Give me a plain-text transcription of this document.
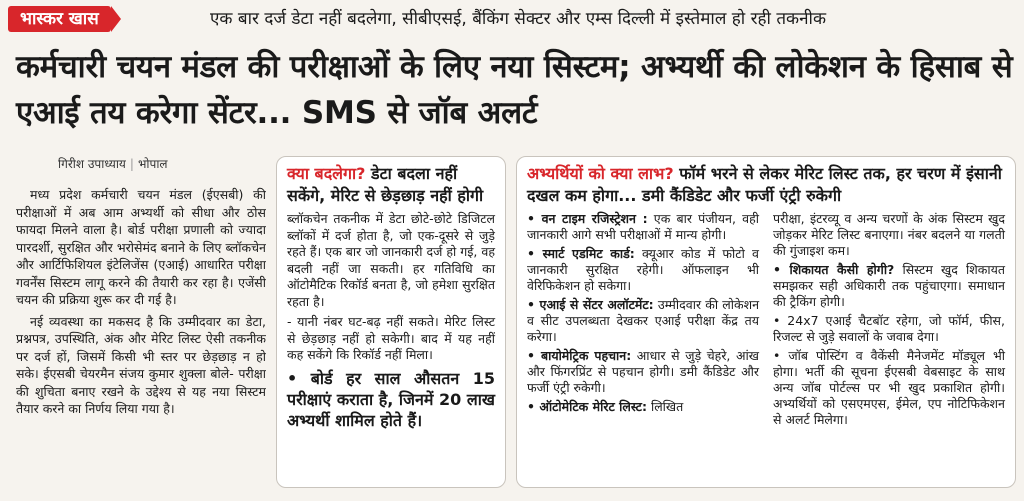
भास्कर खास	एक बार दर्ज डेटा नहीं बदलेगा, सीबीएसई, बैंकिंग सेक्टर और एम्स दिल्ली में इस्तेमाल हो रही तकनीक
कर्मचारी चयन मंडल की परीक्षाओं के लिए नया सिस्टम; अभ्यर्थी की लोकेशन के हिसाब से एआई तय करेगा सेंटर... SMS से जॉब अलर्ट
गिरीश उपाध्याय | भोपाल

मध्य प्रदेश कर्मचारी चयन मंडल (ईएसबी) की परीक्षाओं में अब आम अभ्यर्थी को सीधा और ठोस फायदा मिलने वाला है। बोर्ड परीक्षा प्रणाली को ज्यादा पारदर्शी, सुरक्षित और भरोसेमंद बनाने के लिए ब्लॉकचेन और आर्टिफिशियल इंटेलिजेंस (एआई) आधारित परीक्षा गवर्नेंस सिस्टम लागू करने की तैयारी कर रहा है। एजेंसी चयन की प्रक्रिया शुरू कर दी गई है।

नई व्यवस्था का मकसद है कि उम्मीदवार का डेटा, प्रश्नपत्र, उपस्थिति, अंक और मेरिट लिस्ट ऐसी तकनीक पर दर्ज हों, जिसमें किसी भी स्तर पर छेड़छाड़ न हो सके। ईएसबी चेयरमैन संजय कुमार शुक्ला बोले- परीक्षा की शुचिता बनाए रखने के उद्देश्य से यह नया सिस्टम तैयार करने का निर्णय लिया गया है।

क्या बदलेगा? डेटा बदला नहीं सकेंगे, मेरिट से छेड़छाड़ नहीं होगी

ब्लॉकचेन तकनीक में डेटा छोटे-छोटे डिजिटल ब्लॉकों में दर्ज होता है, जो एक-दूसरे से जुड़े रहते हैं। एक बार जो जानकारी दर्ज हो गई, वह बदली नहीं जा सकती। हर गतिविधि का ऑटोमैटिक रिकॉर्ड बनता है, जो हमेशा सुरक्षित रहता है।

- यानी नंबर घट-बढ़ नहीं सकते। मेरिट लिस्ट से छेड़छाड़ नहीं हो सकेगी। बाद में यह नहीं कह सकेंगे कि रिकॉर्ड नहीं मिला।

• बोर्ड हर साल औसतन 15 परीक्षाएं कराता है, जिनमें 20 लाख अभ्यर्थी शामिल होते हैं।

अभ्यर्थियों को क्या लाभ? फॉर्म भरने से लेकर मेरिट लिस्ट तक, हर चरण में इंसानी दखल कम होगा... डमी कैंडिडेट और फर्जी एंट्री रुकेगी

• वन टाइम रजिस्ट्रेशन : एक बार पंजीयन, वही जानकारी आगे सभी परीक्षाओं में मान्य होगी।

• स्मार्ट एडमिट कार्ड: क्यूआर कोड में फोटो व जानकारी सुरक्षित रहेगी। ऑफलाइन भी वेरिफिकेशन हो सकेगा।

• एआई से सेंटर अलॉटमेंट: उम्मीदवार की लोकेशन व सीट उपलब्धता देखकर एआई परीक्षा केंद्र तय करेगा।

• बायोमेट्रिक पहचान: आधार से जुड़े चेहरे, आंख और फिंगरप्रिंट से पहचान होगी। डमी कैंडिडेट और फर्जी एंट्री रुकेगी।

• ऑटोमेटिक मेरिट लिस्ट: लिखित

परीक्षा, इंटरव्यू व अन्य चरणों के अंक सिस्टम खुद जोड़कर मेरिट लिस्ट बनाएगा। नंबर बदलने या गलती की गुंजाइश कम।

• शिकायत कैसी होगी? सिस्टम खुद शिकायत समझकर सही अधिकारी तक पहुंचाएगा। समाधान की ट्रैकिंग होगी।

• 24x7 एआई चैटबॉट रहेगा, जो फॉर्म, फीस, रिजल्ट से जुड़े सवालों के जवाब देगा।

• जॉब पोस्टिंग व वैकेंसी मैनेजमेंट मॉड्यूल भी होगा। भर्ती की सूचना ईएसबी वेबसाइट के साथ अन्य जॉब पोर्टल्स पर भी खुद प्रकाशित होगी। अभ्यर्थियों को एसएमएस, ईमेल, एप नोटिफिकेशन से अलर्ट मिलेगा।
